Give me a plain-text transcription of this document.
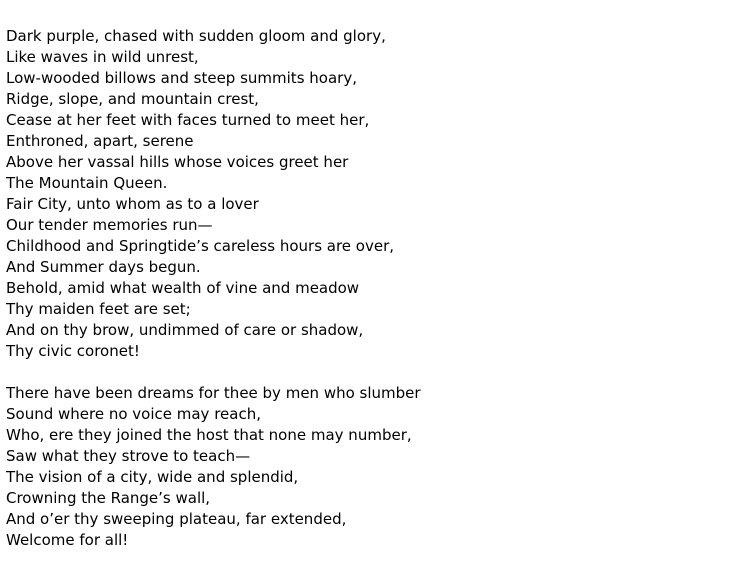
Dark purple, chased with sudden gloom and glory,
Like waves in wild unrest,
Low-wooded billows and steep summits hoary,
Ridge, slope, and mountain crest,
Cease at her feet with faces turned to meet her,
Enthroned, apart, serene
Above her vassal hills whose voices greet her
The Mountain Queen.
Fair City, unto whom as to a lover
Our tender memories run—
Childhood and Springtide’s careless hours are over,
And Summer days begun.
Behold, amid what wealth of vine and meadow
Thy maiden feet are set;
And on thy brow, undimmed of care or shadow,
Thy civic coronet!
There have been dreams for thee by men who slumber
Sound where no voice may reach,
Who, ere they joined the host that none may number,
Saw what they strove to teach—
The vision of a city, wide and splendid,
Crowning the Range’s wall,
And o’er thy sweeping plateau, far extended,
Welcome for all!
